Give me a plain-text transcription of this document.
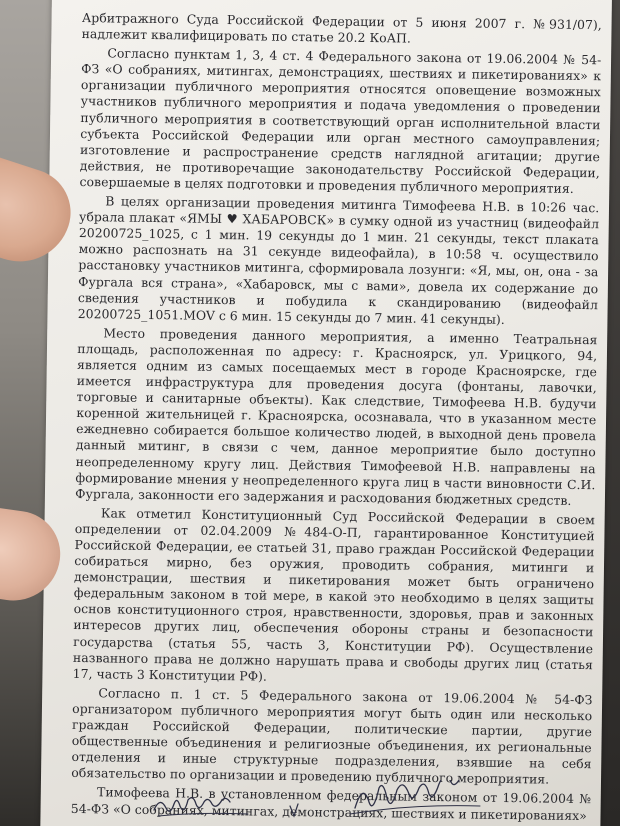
Арбитражного Суда Российской Федерации от 5 июня 2007 г. №931/07), надлежит квалифицировать по статье 20.2 КоАП.

Согласно пунктам 1, 3, 4 ст. 4 Федерального закона от 19.06.2004 № 54-ФЗ «О собраниях, митингах, демонстрациях, шествиях и пикетированиях» к организации публичного мероприятия относятся оповещение возможных участников публичного мероприятия и подача уведомления о проведении публичного мероприятия в соответствующий орган исполнительной власти субъекта Российской Федерации или орган местного самоуправления; изготовление и распространение средств наглядной агитации; другие действия, не противоречащие законодательству Российской Федерации, совершаемые в целях подготовки и проведения публичного мероприятия.

В целях организации проведения митинга Тимофеева Н.В. в 10:26 час. убрала плакат «ЯМЫ ♥ ХАБАРОВСК» в сумку одной из участниц (видеофайл 20200725_1025, с 1 мин. 19 секунды до 1 мин. 21 секунды, текст плаката можно распознать на 31 секунде видеофайла), в 10:58 ч. осуществило расстановку участников митинга, сформировала лозунги: «Я, мы, он, она - за Фургала вся страна», «Хабаровск, мы с вами», довела их содержание до сведения участников и побудила к скандированию (видеофайл 20200725_1051.MOV с 6 мин. 15 секунды до 7 мин. 41 секунды).

Место проведения данного мероприятия, а именно Театральная площадь, расположенная по адресу: г. Красноярск, ул. Урицкого, 94, является одним из самых посещаемых мест в городе Красноярске, где имеется инфраструктура для проведения досуга (фонтаны, лавочки, торговые и санитарные объекты). Как следствие, Тимофеева Н.В. будучи коренной жительницей г. Красноярска, осознавала, что в указанном месте ежедневно собирается большое количество людей, в выходной день провела данный митинг, в связи с чем, данное мероприятие было доступно неопределенному кругу лиц. Действия Тимофеевой Н.В. направлены на формирование мнения у неопределенного круга лиц в части виновности С.И. Фургала, законности его задержания и расходования бюджетных средств.

Как отметил Конституционный Суд Российской Федерации в своем определении от 02.04.2009 №484-О-П, гарантированное Конституцией Российской Федерации, ее статьей 31, право граждан Российской Федерации собираться мирно, без оружия, проводить собрания, митинги и демонстрации, шествия и пикетирования может быть ограничено федеральным законом в той мере, в какой это необходимо в целях защиты основ конституционного строя, нравственности, здоровья, прав и законных интересов других лиц, обеспечения обороны страны и безопасности государства (статья 55, часть 3, Конституции РФ). Осуществление названного права не должно нарушать права и свободы других лиц (статья 17, часть 3 Конституции РФ).

Согласно п. 1 ст. 5 Федерального закона от 19.06.2004 № 54-ФЗ организатором публичного мероприятия могут быть один или несколько граждан Российской Федерации, политические партии, другие общественные объединения и религиозные объединения, их региональные отделения и иные структурные подразделения, взявшие на себя обязательство по организации и проведению публичного мероприятия.

Тимофеева Н.В. в установленном федеральным законом от 19.06.2004 № 54-ФЗ «О собраниях, митингах, демонстрациях, шествиях и пикетированиях»
